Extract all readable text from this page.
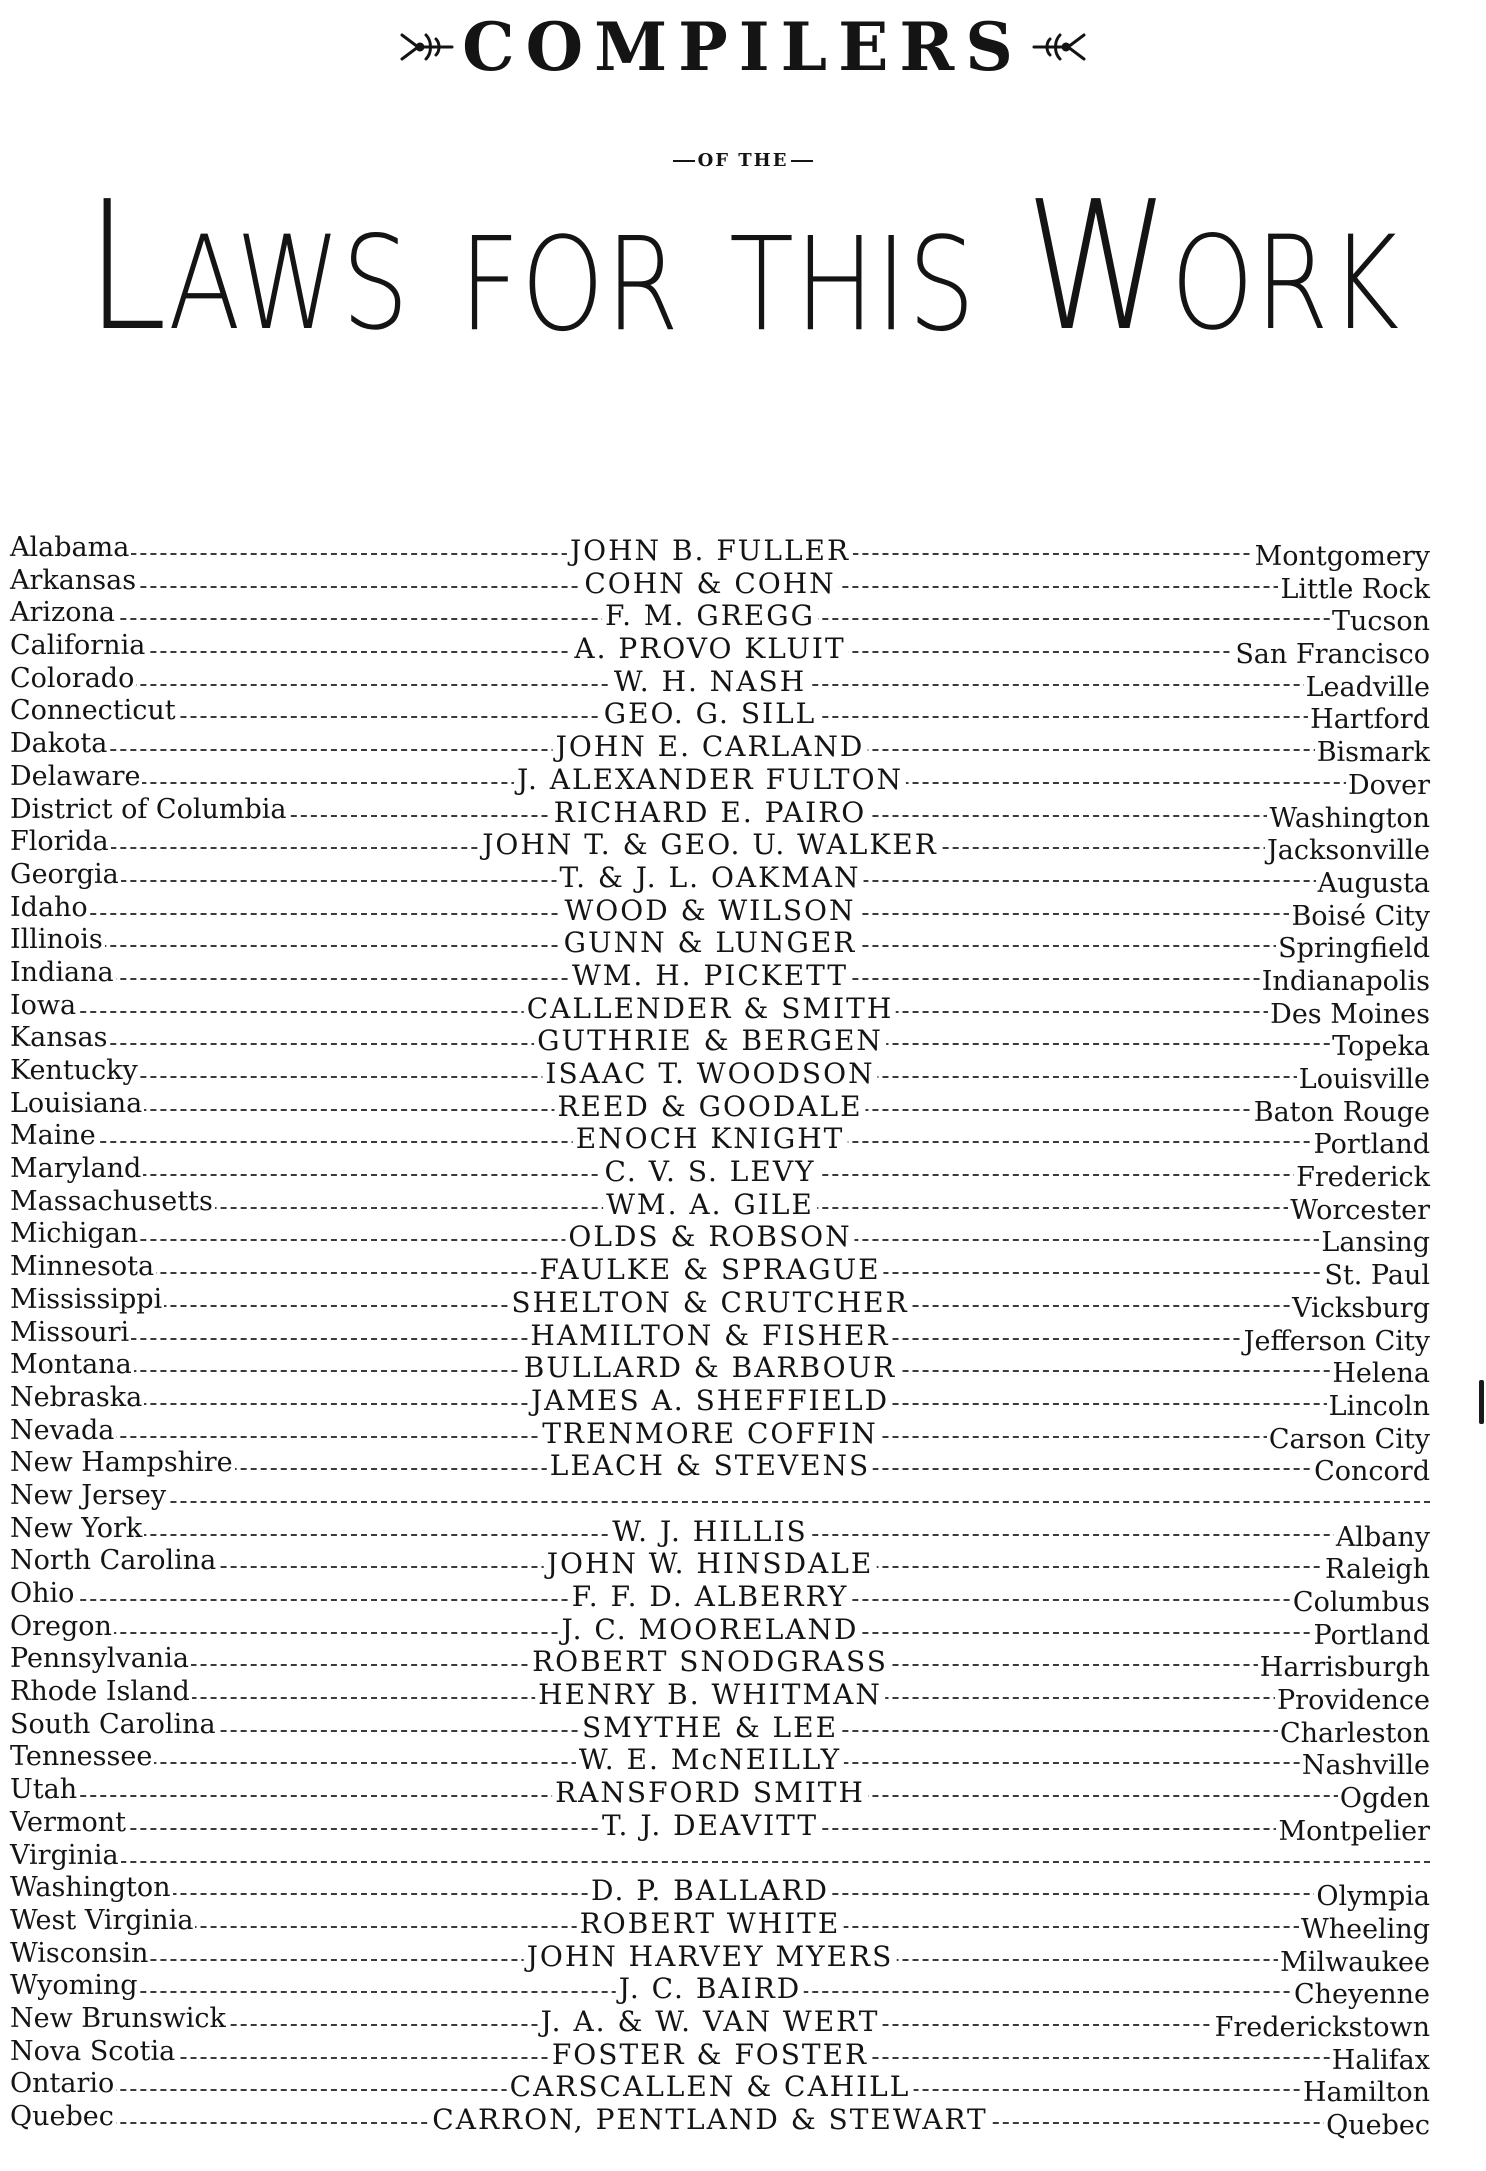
COMPILERS
OF THE
LAWS FOR THIS WORK
Alabama	JOHN B. FULLER	Montgomery
Arkansas	COHN & COHN	Little Rock
Arizona	F. M. GREGG	Tucson
California	A. PROVO KLUIT	San Francisco
Colorado	W. H. NASH	Leadville
Connecticut	GEO. G. SILL	Hartford
Dakota	JOHN E. CARLAND	Bismark
Delaware	J. ALEXANDER FULTON	Dover
District of Columbia	RICHARD E. PAIRO	Washington
Florida	JOHN T. & GEO. U. WALKER	Jacksonville
Georgia	T. & J. L. OAKMAN	Augusta
Idaho	WOOD & WILSON	Boisé City
Illinois	GUNN & LUNGER	Springfield
Indiana	WM. H. PICKETT	Indianapolis
Iowa	CALLENDER & SMITH	Des Moines
Kansas	GUTHRIE & BERGEN	Topeka
Kentucky	ISAAC T. WOODSON	Louisville
Louisiana	REED & GOODALE	Baton Rouge
Maine	ENOCH KNIGHT	Portland
Maryland	C. V. S. LEVY	Frederick
Massachusetts	WM. A. GILE	Worcester
Michigan	OLDS & ROBSON	Lansing
Minnesota	FAULKE & SPRAGUE	St. Paul
Mississippi	SHELTON & CRUTCHER	Vicksburg
Missouri	HAMILTON & FISHER	Jefferson City
Montana	BULLARD & BARBOUR	Helena
Nebraska	JAMES A. SHEFFIELD	Lincoln
Nevada	TRENMORE COFFIN	Carson City
New Hampshire	LEACH & STEVENS	Concord
New Jersey
New York	W. J. HILLIS	Albany
North Carolina	JOHN W. HINSDALE	Raleigh
Ohio	F. F. D. ALBERRY	Columbus
Oregon	J. C. MOORELAND	Portland
Pennsylvania	ROBERT SNODGRASS	Harrisburgh
Rhode Island	HENRY B. WHITMAN	Providence
South Carolina	SMYTHE & LEE	Charleston
Tennessee	W. E. McNEILLY	Nashville
Utah	RANSFORD SMITH	Ogden
Vermont	T. J. DEAVITT	Montpelier
Virginia
Washington	D. P. BALLARD	Olympia
West Virginia	ROBERT WHITE	Wheeling
Wisconsin	JOHN HARVEY MYERS	Milwaukee
Wyoming	J. C. BAIRD	Cheyenne
New Brunswick	J. A. & W. VAN WERT	Frederickstown
Nova Scotia	FOSTER & FOSTER	Halifax
Ontario	CARSCALLEN & CAHILL	Hamilton
Quebec	CARRON, PENTLAND & STEWART	Quebec
